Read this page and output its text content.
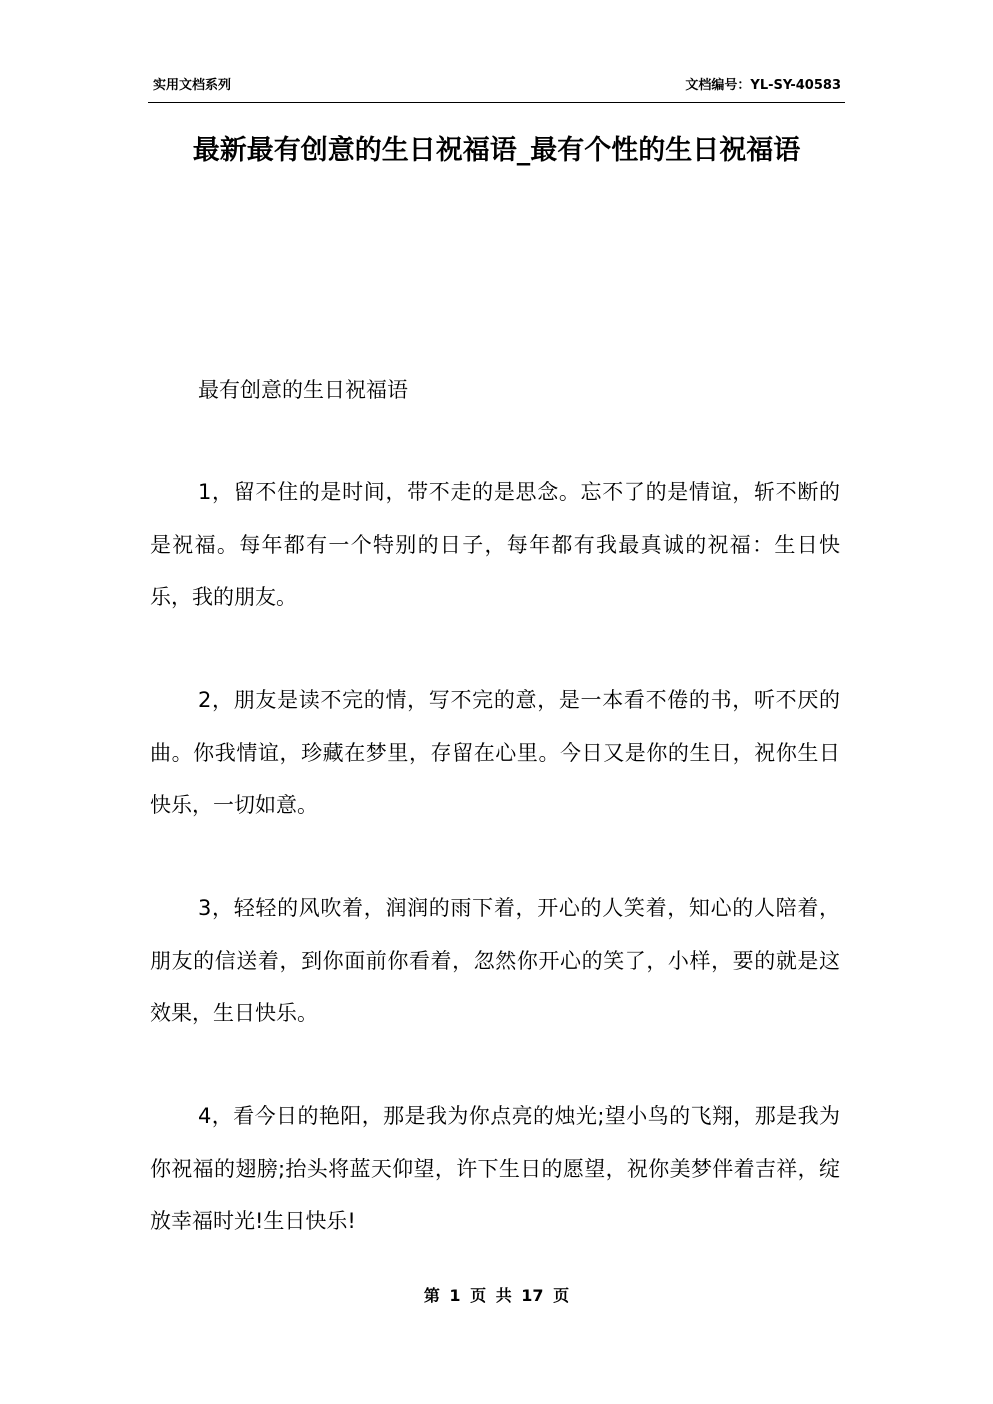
实用文档系列	文档编号：YL-SY-40583
最新最有创意的生日祝福语_最有个性的生日祝福语
最有创意的生日祝福语
1，留不住的是时间，带不走的是思念。忘不了的是情谊，斩不断的是祝福。每年都有一个特别的日子，每年都有我最真诚的祝福：生日快乐，我的朋友。
2，朋友是读不完的情，写不完的意，是一本看不倦的书，听不厌的曲。你我情谊，珍藏在梦里，存留在心里。今日又是你的生日，祝你生日快乐，一切如意。
3，轻轻的风吹着，润润的雨下着，开心的人笑着，知心的人陪着，朋友的信送着，到你面前你看着，忽然你开心的笑了，小样，要的就是这效果，生日快乐。
4，看今日的艳阳，那是我为你点亮的烛光;望小鸟的飞翔，那是我为你祝福的翅膀;抬头将蓝天仰望，许下生日的愿望，祝你美梦伴着吉祥，绽放幸福时光!生日快乐!
第 1 页 共 17 页
